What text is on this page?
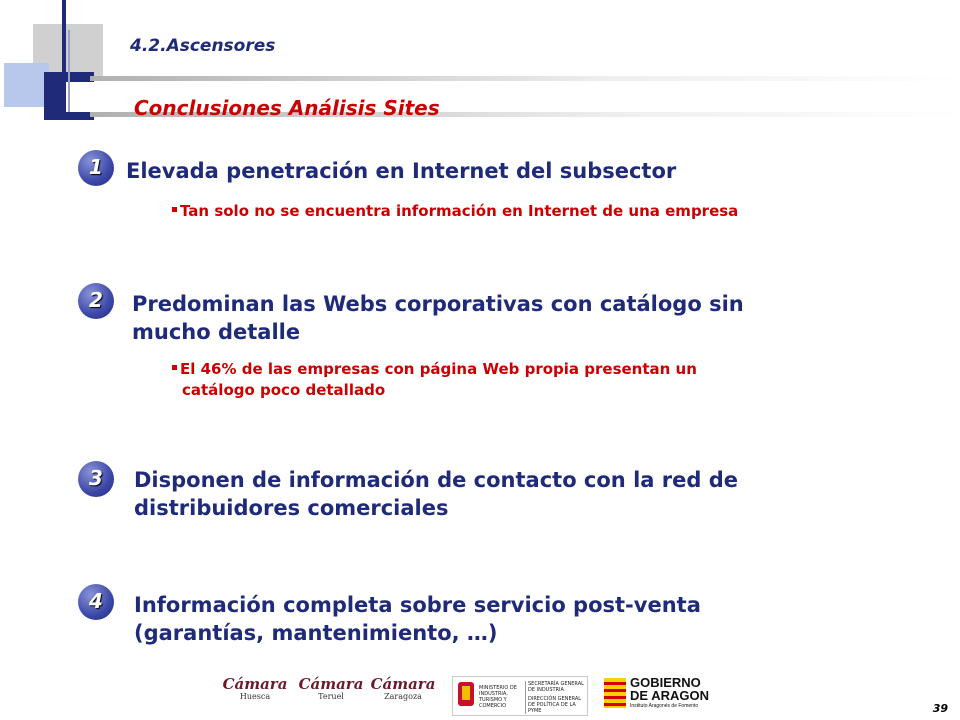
4.2.Ascensores
Conclusiones Análisis Sites
1	Elevada penetración en Internet del subsector
Tan solo no se encuentra información en Internet de una empresa
2	Predominan las Webs corporativas con catálogo sin
mucho detalle
El 46% de las empresas con página Web propia presentan un
catálogo poco detallado
3	Disponen de información de contacto con la red de
distribuidores comerciales
4	Información completa sobre servicio post-venta
(garantías, mantenimiento, …)
Cámara
Huesca
Cámara
Teruel
Cámara
Zaragoza
MINISTERIO DE INDUSTRIA, TURISMO Y COMERCIO
SECRETARÍA GENERAL DE INDUSTRIA
DIRECCIÓN GENERAL DE POLÍTICA DE LA PYME
GOBIERNO
DE ARAGON
Instituto Aragonés de Fomento	39
